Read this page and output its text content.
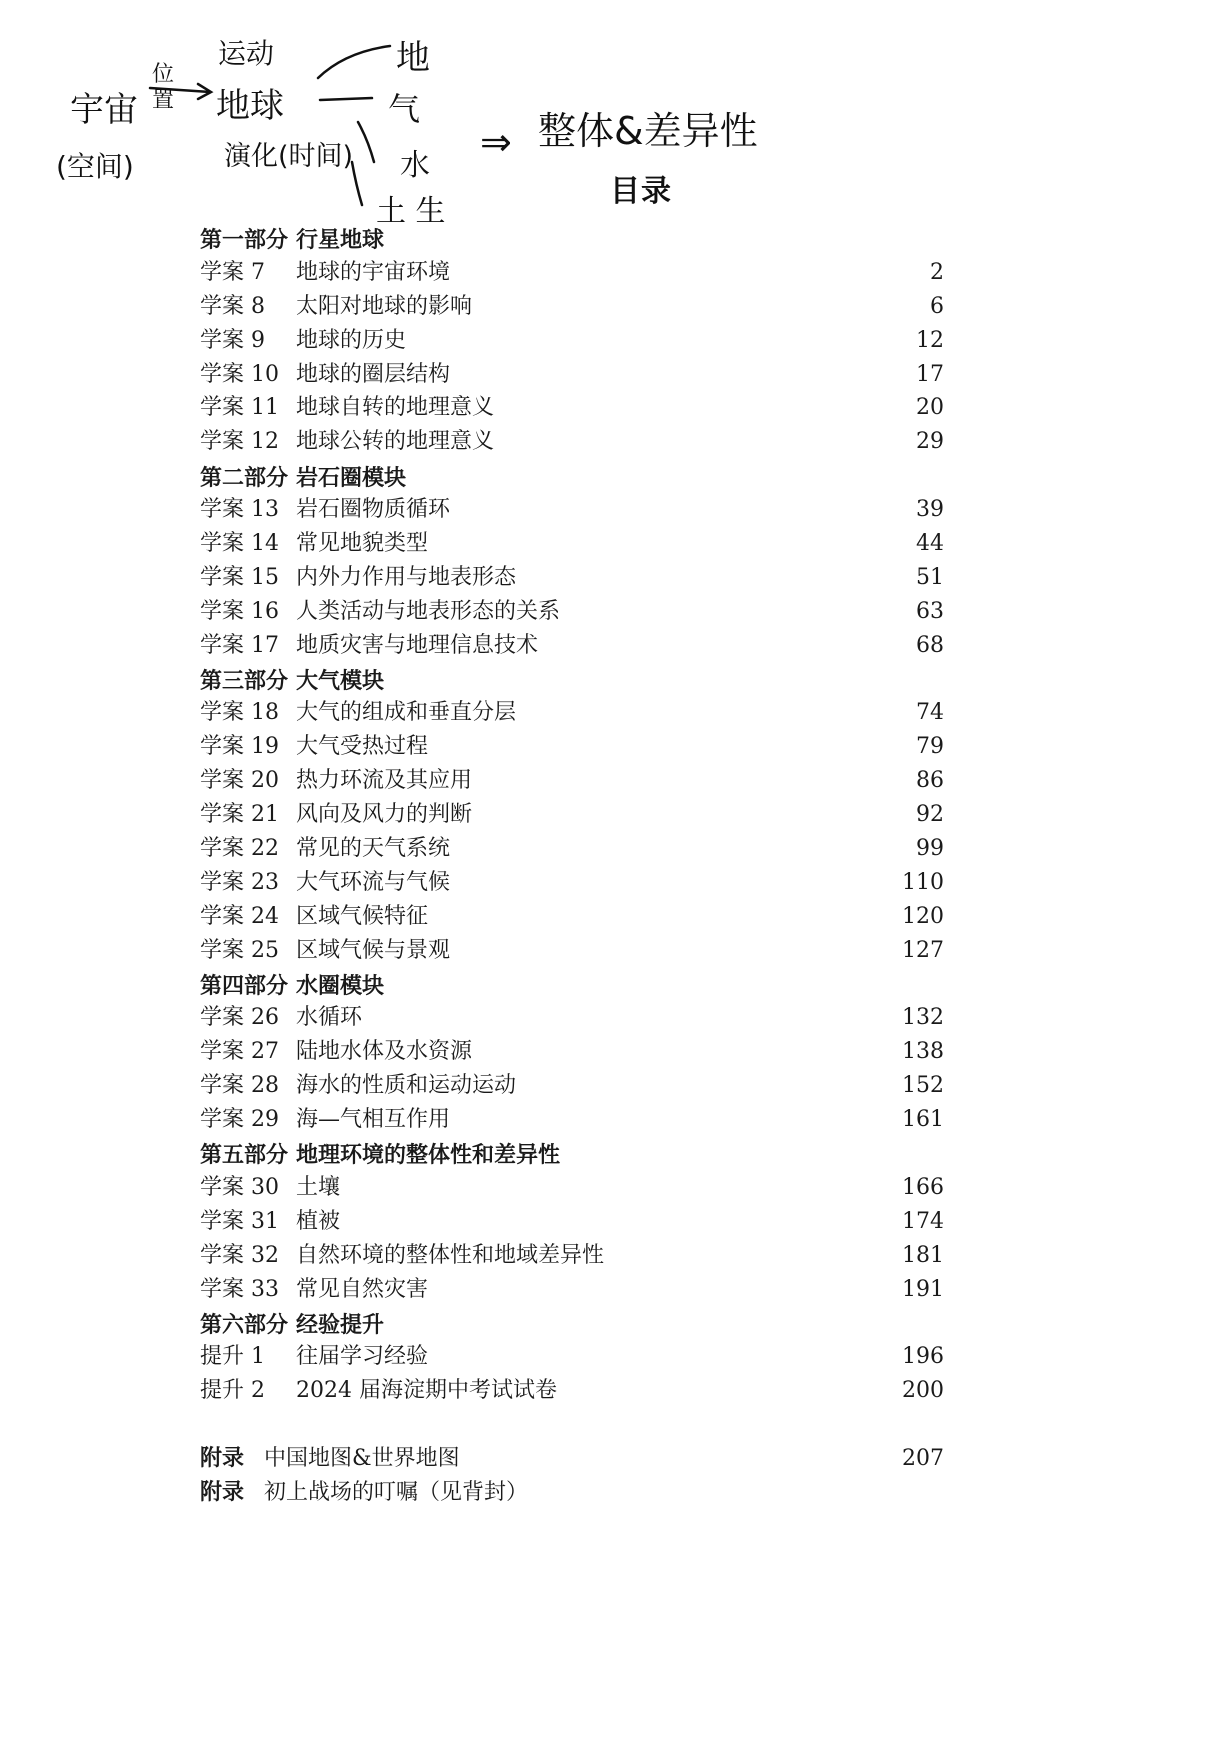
宇宙
(空间)
位置
运动
地球
演化(时间)
地
气
水
土 生
⇒ 整体&差异性
目录
第一部分 行星地球
学案 7	地球的宇宙环境	2
学案 8	太阳对地球的影响	6
学案 9	地球的历史	12
学案 10 地球的圈层结构	17
学案 11 地球自转的地理意义	20
学案 12 地球公转的地理意义	29
第二部分 岩石圈模块
学案 13 岩石圈物质循环	39
学案 14 常见地貌类型	44
学案 15 内外力作用与地表形态	51
学案 16 人类活动与地表形态的关系	63
学案 17 地质灾害与地理信息技术	68
第三部分 大气模块
学案 18 大气的组成和垂直分层	74
学案 19 大气受热过程	79
学案 20 热力环流及其应用	86
学案 21 风向及风力的判断	92
学案 22 常见的天气系统	99
学案 23 大气环流与气候	110
学案 24 区域气候特征	120
学案 25 区域气候与景观	127
第四部分 水圈模块
学案 26 水循环	132
学案 27 陆地水体及水资源	138
学案 28 海水的性质和运动运动	152
学案 29 海—气相互作用	161
第五部分 地理环境的整体性和差异性
学案 30 土壤	166
学案 31 植被	174
学案 32 自然环境的整体性和地域差异性	181
学案 33 常见自然灾害	191
第六部分 经验提升
提升 1	往届学习经验	196
提升 2	2024 届海淀期中考试试卷	200
附录 中国地图&世界地图	207
附录 初上战场的叮嘱（见背封）
